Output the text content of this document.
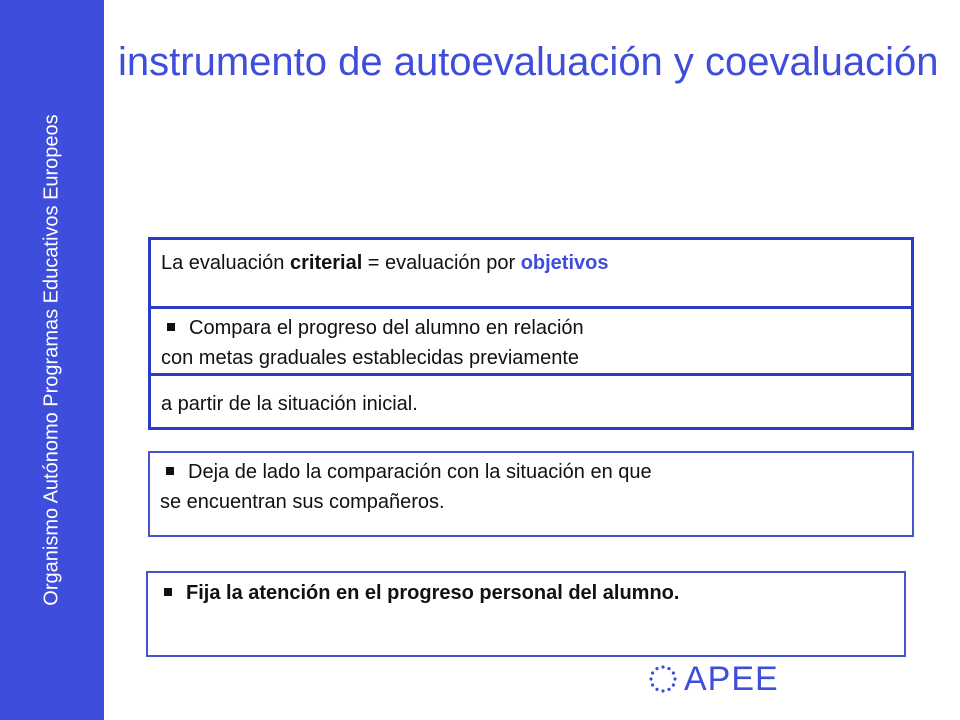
Organismo Autónomo Programas Educativos Europeos
instrumento de autoevaluación y coevaluación
La evaluación criterial = evaluación por objetivos
Compara el progreso del alumno en relación
con metas graduales establecidas previamente
a partir de la situación inicial.
Deja de lado la comparación con la situación en que
se encuentran sus compañeros.
Fija la atención en el progreso personal del alumno.
APEE
